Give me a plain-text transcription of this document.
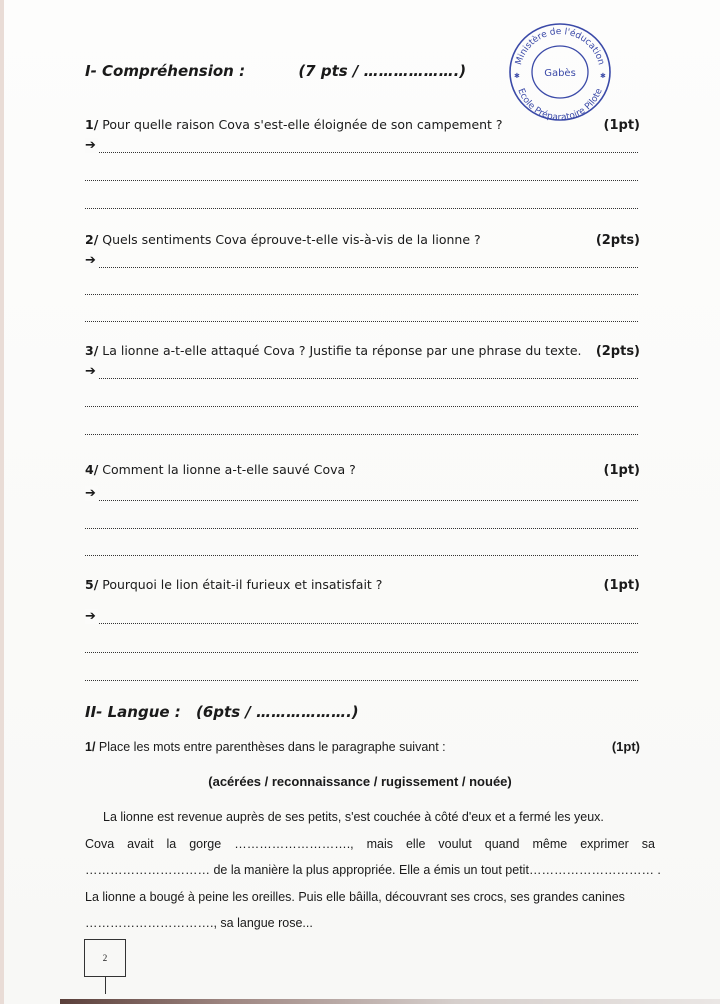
Ministère de l'éducation
Ecole Préparatoire Pilote
Gabès
✱	✱
I- Compréhension :	(7 pts / ……………….)
1/ Pour quelle raison Cova s'est-elle éloignée de son campement ?	(1pt)
➔
2/ Quels sentiments Cova éprouve-t-elle vis-à-vis de la lionne ?	(2pts)
➔
3/ La lionne a-t-elle attaqué Cova ? Justifie ta réponse par une phrase du texte. (2pts)
➔
4/ Comment la lionne a-t-elle sauvé Cova ?	(1pt)
➔
5/ Pourquoi le lion était-il furieux et insatisfait ?	(1pt)
➔
II- Langue : (6pts / ……………….)
1/ Place les mots entre parenthèses dans le paragraphe suivant :	(1pt)
(acérées / reconnaissance / rugissement / nouée)
La lionne est revenue auprès de ses petits, s'est couchée à côté d'eux et a fermé les yeux.
Cova avait la gorge ………………………., mais elle voulut quand même exprimer sa
………………………… de la manière la plus appropriée. Elle a émis un tout petit ………………………… .
La lionne a bougé à peine les oreilles. Puis elle bâilla, découvrant ses crocs, ses grandes canines
…………………………., sa langue rose...
2
